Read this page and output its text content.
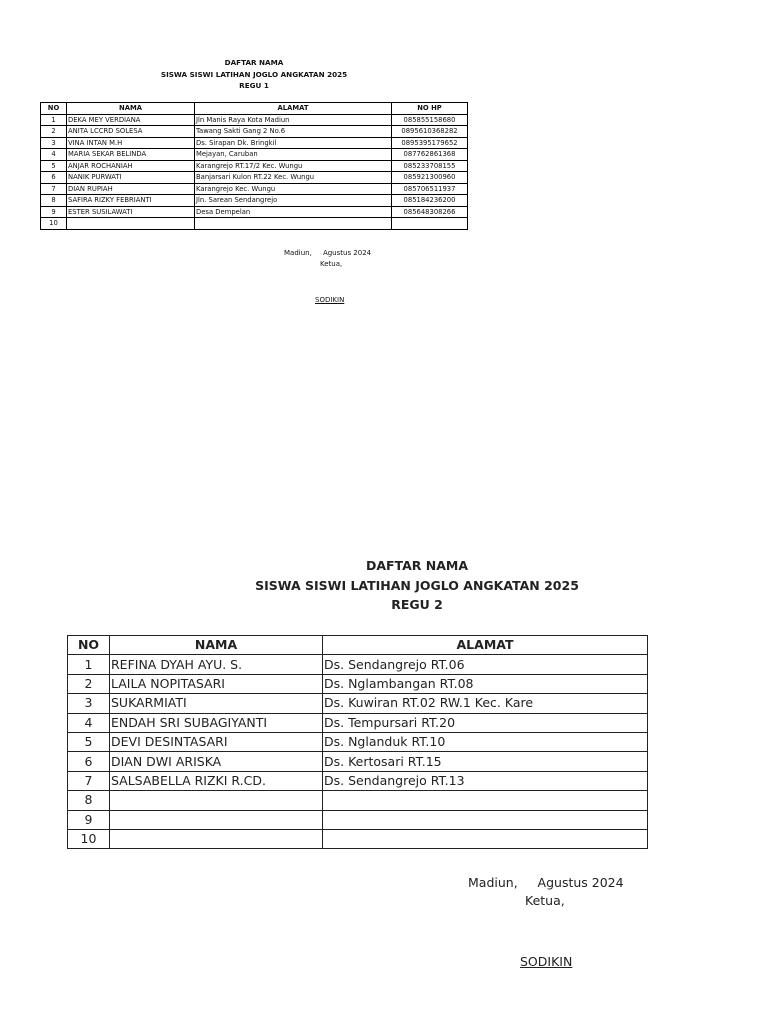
DAFTAR NAMA
SISWA SISWI LATIHAN JOGLO ANGKATAN 2025
REGU 1
NO	NAMA	ALAMAT	NO HP
1	DEKA MEY VERDIANA	Jln Manis Raya Kota Madiun	085855158680
2	ANITA LCCRD SOLESA	Tawang Sakti Gang 2 No.6	0895610368282
3	VINA INTAN M.H	Ds. Sirapan Dk. Bringkil	0895395179652
4	MARIA SEKAR BELINDA	Mejayan, Caruban	087762861368
5	ANJAR ROCHANIAH	Karangrejo RT.17/2 Kec. Wungu	085233708155
6	NANIK PURWATI	Banjarsari Kulon RT.22 Kec. Wungu	085921300960
7	DIAN RUPIAH	Karangrejo Kec. Wungu	085706511937
8	SAFIRA RIZKY FEBRIANTI	Jln. Sarean Sendangrejo	085184236200
9	ESTER SUSILAWATI	Desa Dempelan	085648308266
10			
Madiun,     Agustus 2024
Ketua,
SODIKIN
DAFTAR NAMA
SISWA SISWI LATIHAN JOGLO ANGKATAN 2025
REGU 2
NO	NAMA	ALAMAT
1	REFINA DYAH AYU. S.	Ds. Sendangrejo RT.06
2	LAILA NOPITASARI	Ds. Nglambangan RT.08
3	SUKARMIATI	Ds. Kuwiran RT.02 RW.1 Kec. Kare
4	ENDAH SRI SUBAGIYANTI	Ds. Tempursari RT.20
5	DEVI DESINTASARI	Ds. Nglanduk RT.10
6	DIAN DWI ARISKA	Ds. Kertosari RT.15
7	SALSABELLA RIZKI R.CD.	Ds. Sendangrejo RT.13
8		
9		
10		
Madiun,     Agustus 2024
Ketua,
SODIKIN
